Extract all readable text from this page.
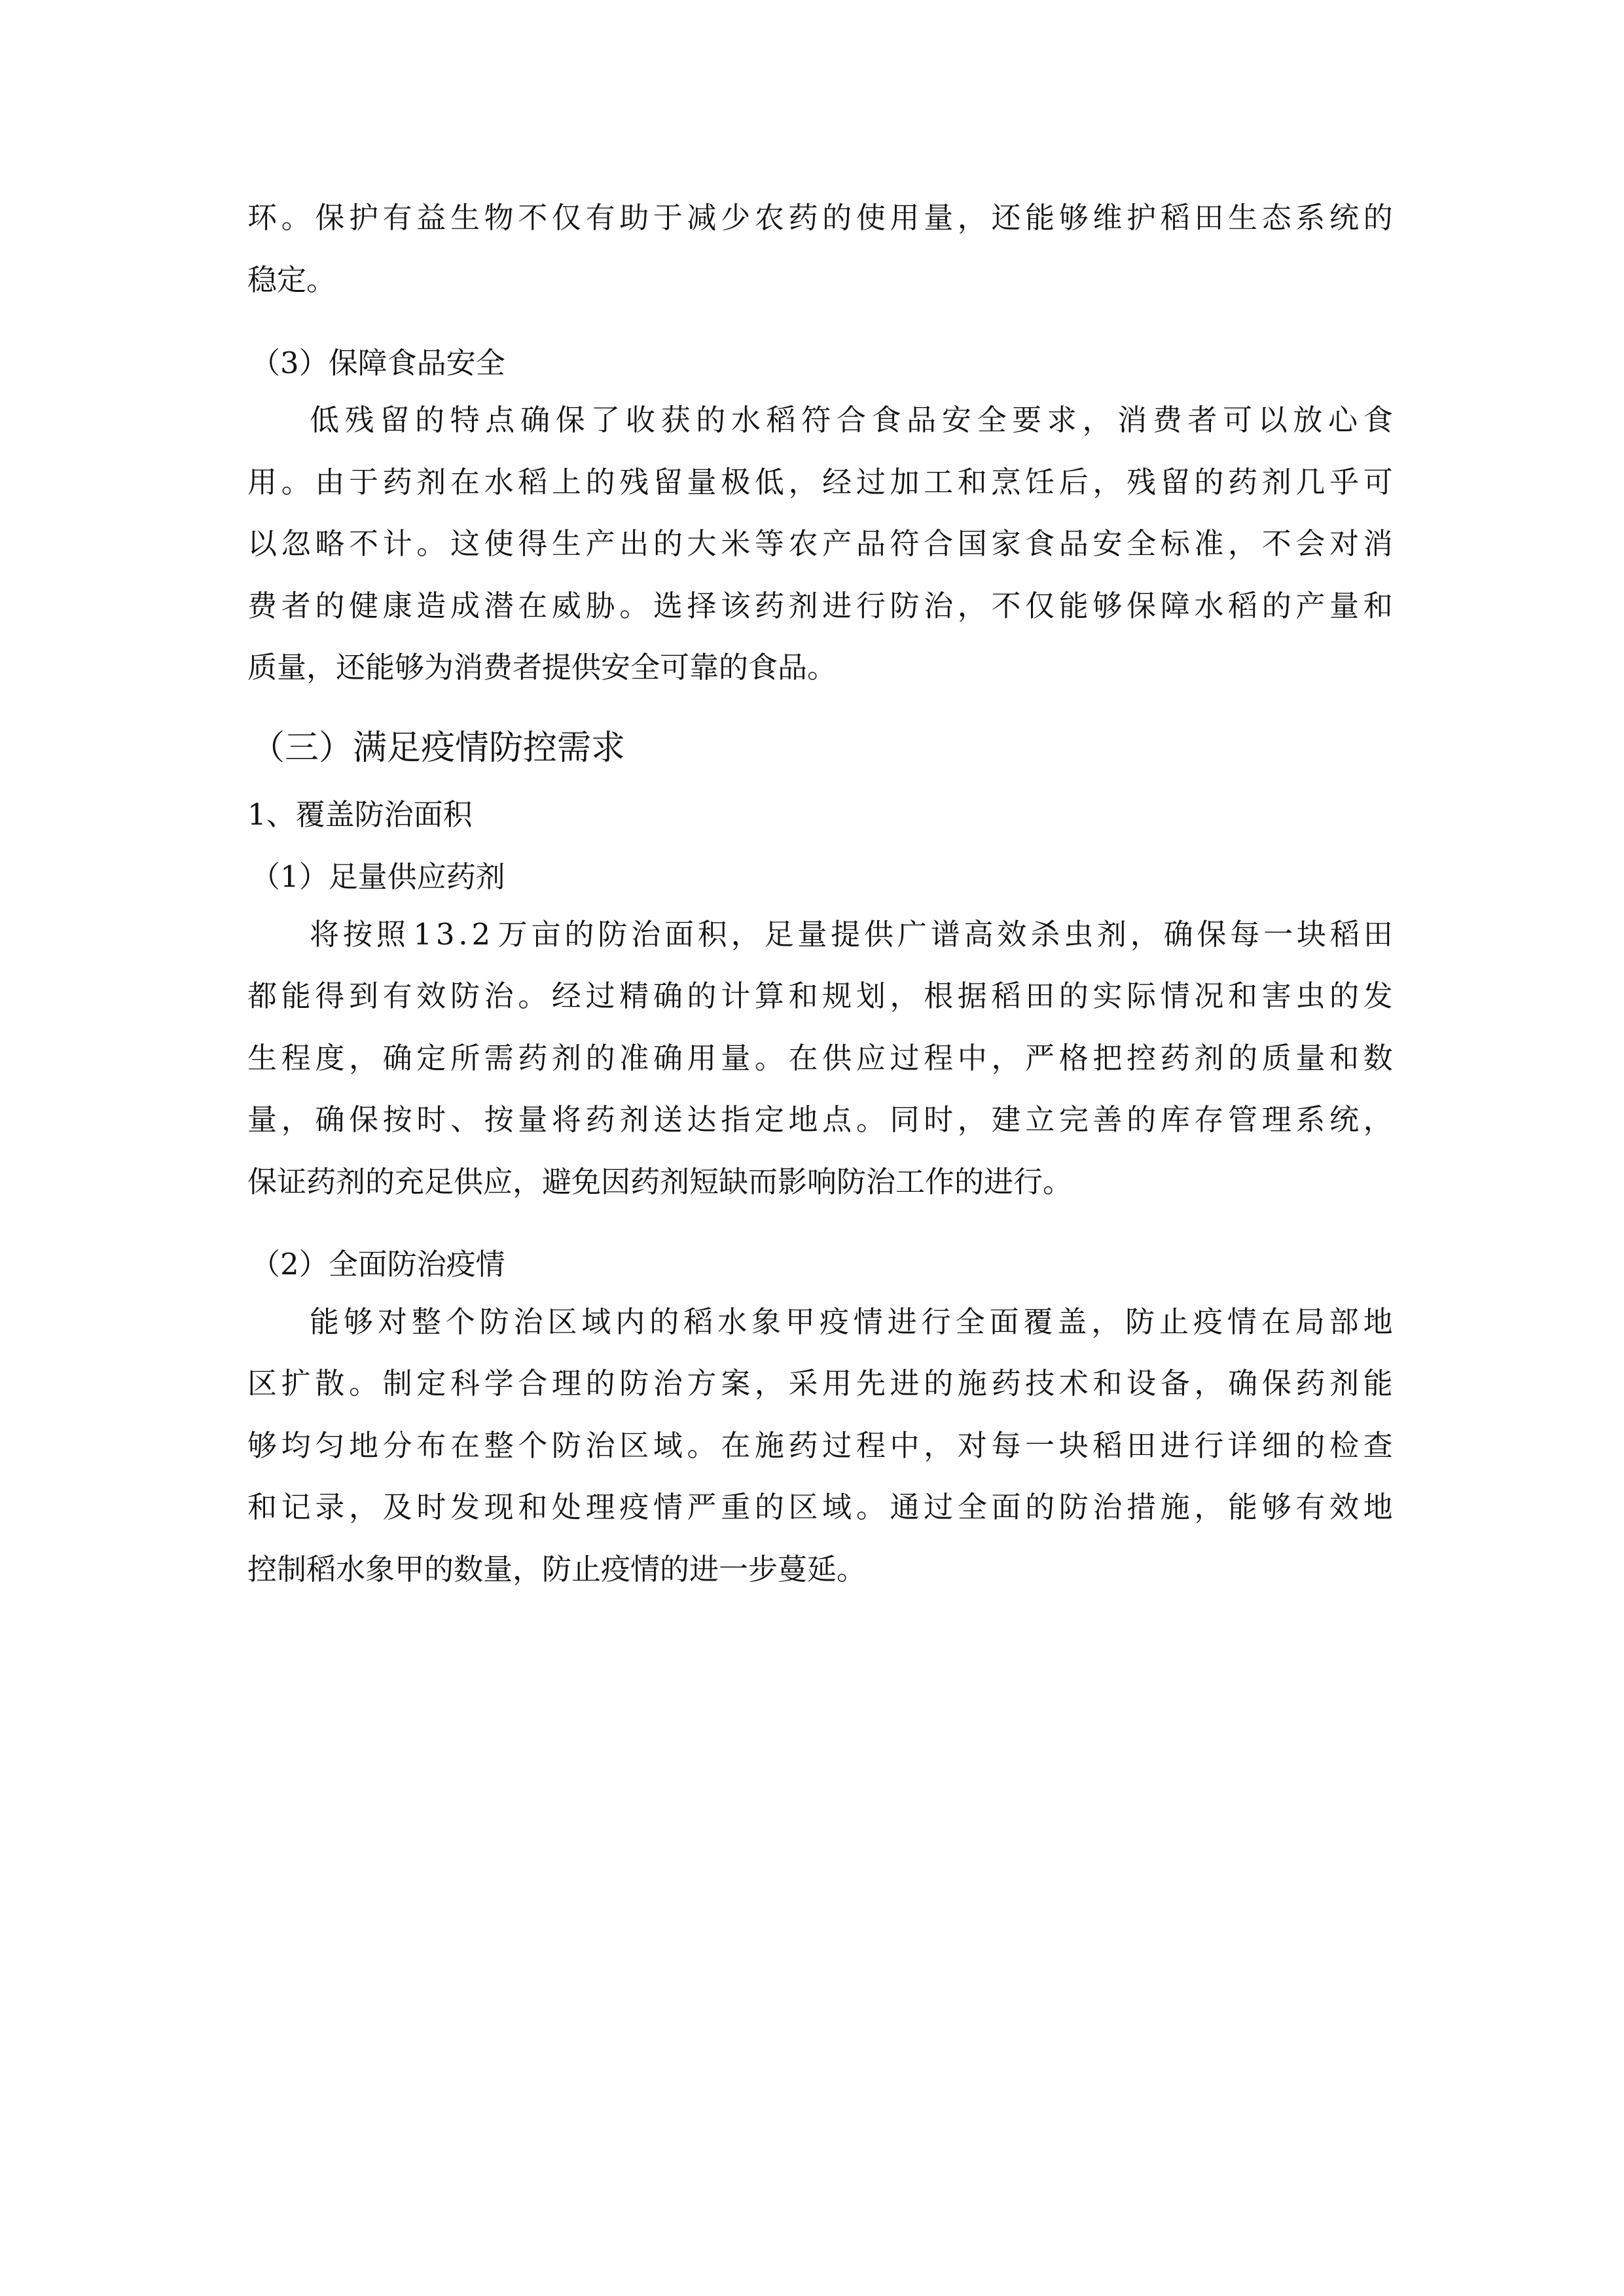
环 。 保 护 有 益 生 物 不 仅 有 助 于 减 少 农 药 的 使 用 量 ， 还 能 够 维 护 稻 田 生 态 系 统 的
稳定。
（3）保障食品安全
低 残 留 的 特 点 确 保 了 收 获 的 水 稻 符 合 食 品 安 全 要 求 ， 消 费 者 可 以 放 心 食
用 。 由 于 药 剂 在 水 稻 上 的 残 留 量 极 低 ， 经 过 加 工 和 烹 饪 后 ， 残 留 的 药 剂 几 乎 可
以 忽 略 不 计 。 这 使 得 生 产 出 的 大 米 等 农 产 品 符 合 国 家 食 品 安 全 标 准 ， 不 会 对 消
费 者 的 健 康 造 成 潜 在 威 胁 。 选 择 该 药 剂 进 行 防 治 ， 不 仅 能 够 保 障 水 稻 的 产 量 和
质量，还能够为消费者提供安全可靠的食品。
（三）满足疫情防控需求
1、覆盖防治面积
（1）足量供应药剂
将 按 照 1 3 . 2 万 亩 的 防 治 面 积 ， 足 量 提 供 广 谱 高 效 杀 虫 剂 ， 确 保 每 一 块 稻 田
都 能 得 到 有 效 防 治 。 经 过 精 确 的 计 算 和 规 划 ， 根 据 稻 田 的 实 际 情 况 和 害 虫 的 发
生 程 度 ， 确 定 所 需 药 剂 的 准 确 用 量 。 在 供 应 过 程 中 ， 严 格 把 控 药 剂 的 质 量 和 数
量 ， 确 保 按 时 、 按 量 将 药 剂 送 达 指 定 地 点 。 同 时 ， 建 立 完 善 的 库 存 管 理 系 统 ，
保证药剂的充足供应，避免因药剂短缺而影响防治工作的进行。
（2）全面防治疫情
能 够 对 整 个 防 治 区 域 内 的 稻 水 象 甲 疫 情 进 行 全 面 覆 盖 ， 防 止 疫 情 在 局 部 地
区 扩 散 。 制 定 科 学 合 理 的 防 治 方 案 ， 采 用 先 进 的 施 药 技 术 和 设 备 ， 确 保 药 剂 能
够 均 匀 地 分 布 在 整 个 防 治 区 域 。 在 施 药 过 程 中 ， 对 每 一 块 稻 田 进 行 详 细 的 检 查
和 记 录 ， 及 时 发 现 和 处 理 疫 情 严 重 的 区 域 。 通 过 全 面 的 防 治 措 施 ， 能 够 有 效 地
控制稻水象甲的数量，防止疫情的进一步蔓延。
